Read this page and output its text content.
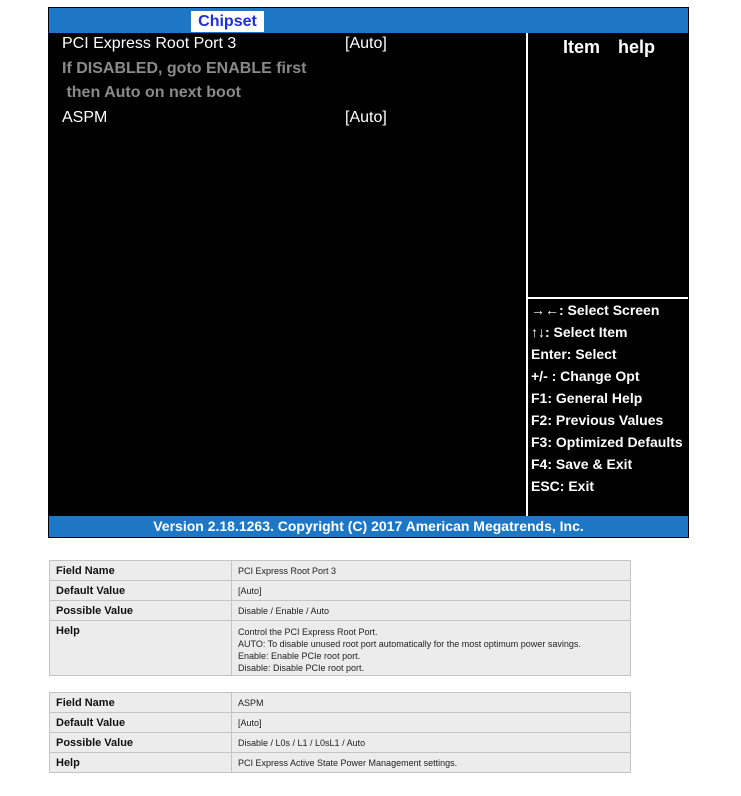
Chipset
PCI Express Root Port 3	[Auto]
If DISABLED, goto ENABLE first
then Auto on next boot
ASPM	[Auto]
Item  help
→←: Select Screen
↑↓: Select Item
Enter: Select
+/- : Change Opt
F1: General Help
F2: Previous Values
F3: Optimized Defaults
F4: Save & Exit
ESC: Exit
Version 2.18.1263. Copyright (C) 2017 American Megatrends, Inc.
Field Name	PCI Express Root Port 3
Default Value	[Auto]
Possible Value	Disable / Enable / Auto
Help	Control the PCI Express Root Port.
AUTO: To disable unused root port automatically for the most optimum power savings.
Enable: Enable PCIe root port.
Disable: Disable PCIe root port.
Field Name	ASPM
Default Value	[Auto]
Possible Value	Disable / L0s / L1 / L0sL1 / Auto
Help	PCI Express Active State Power Management settings.
